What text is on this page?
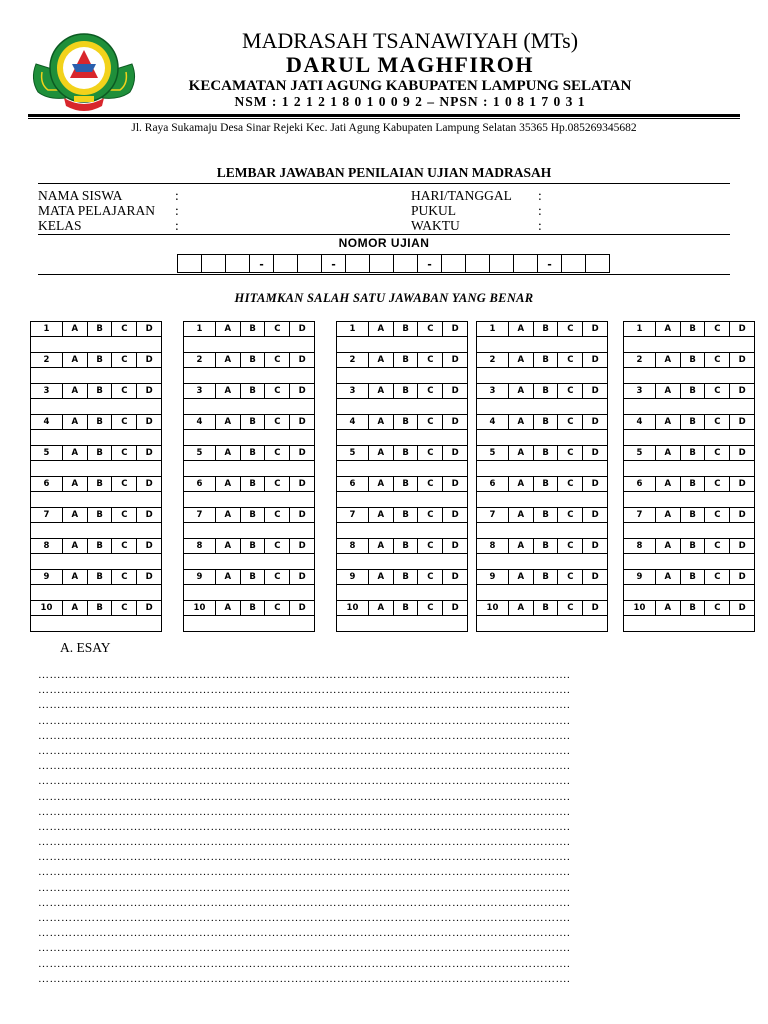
MADRASAH TSANAWIYAH (MTs)
DARUL MAGHFIROH
KECAMATAN JATI AGUNG KABUPATEN LAMPUNG SELATAN
NSM : 1 2 1 2 1 8 0 1 0 0 9 2 – NPSN : 1 0 8 1 7 0 3 1
Jl. Raya Sukamaju Desa Sinar Rejeki Kec. Jati Agung Kabupaten Lampung Selatan 35365 Hp.085269345682
LEMBAR JAWABAN PENILAIAN UJIAN MADRASAH
NAMA SISWA	:
MATA PELAJARAN :
KELAS	:
HARI/TANGGAL :
PUKUL	:
WAKTU	:
NOMOR UJIAN
-	-	-	-
HITAMKAN SALAH SATU JAWABAN YANG BENAR
1	A	B	C	D
2	A	B	C	D
3	A	B	C	D
4	A	B	C	D
5	A	B	C	D
6	A	B	C	D
7	A	B	C	D
8	A	B	C	D
9	A	B	C	D
10	A	B	C	D
1	A	B	C	D
2	A	B	C	D
3	A	B	C	D
4	A	B	C	D
5	A	B	C	D
6	A	B	C	D
7	A	B	C	D
8	A	B	C	D
9	A	B	C	D
10	A	B	C	D
1	A	B	C	D
2	A	B	C	D
3	A	B	C	D
4	A	B	C	D
5	A	B	C	D
6	A	B	C	D
7	A	B	C	D
8	A	B	C	D
9	A	B	C	D
10	A	B	C	D
1	A	B	C	D
2	A	B	C	D
3	A	B	C	D
4	A	B	C	D
5	A	B	C	D
6	A	B	C	D
7	A	B	C	D
8	A	B	C	D
9	A	B	C	D
10	A	B	C	D
1	A	B	C	D
2	A	B	C	D
3	A	B	C	D
4	A	B	C	D
5	A	B	C	D
6	A	B	C	D
7	A	B	C	D
8	A	B	C	D
9	A	B	C	D
10	A	B	C	D
A. ESAY
………………………………………………………………………………………………………………………….
………………………………………………………………………………………………………………………….
………………………………………………………………………………………………………………………….
………………………………………………………………………………………………………………………….
………………………………………………………………………………………………………………………….
………………………………………………………………………………………………………………………….
………………………………………………………………………………………………………………………….
………………………………………………………………………………………………………………………….
………………………………………………………………………………………………………………………….
………………………………………………………………………………………………………………………….
………………………………………………………………………………………………………………………….
………………………………………………………………………………………………………………………….
………………………………………………………………………………………………………………………….
………………………………………………………………………………………………………………………….
………………………………………………………………………………………………………………………….
………………………………………………………………………………………………………………………….
………………………………………………………………………………………………………………………….
………………………………………………………………………………………………………………………….
………………………………………………………………………………………………………………………….
………………………………………………………………………………………………………………………….
………………………………………………………………………………………………………………………….
